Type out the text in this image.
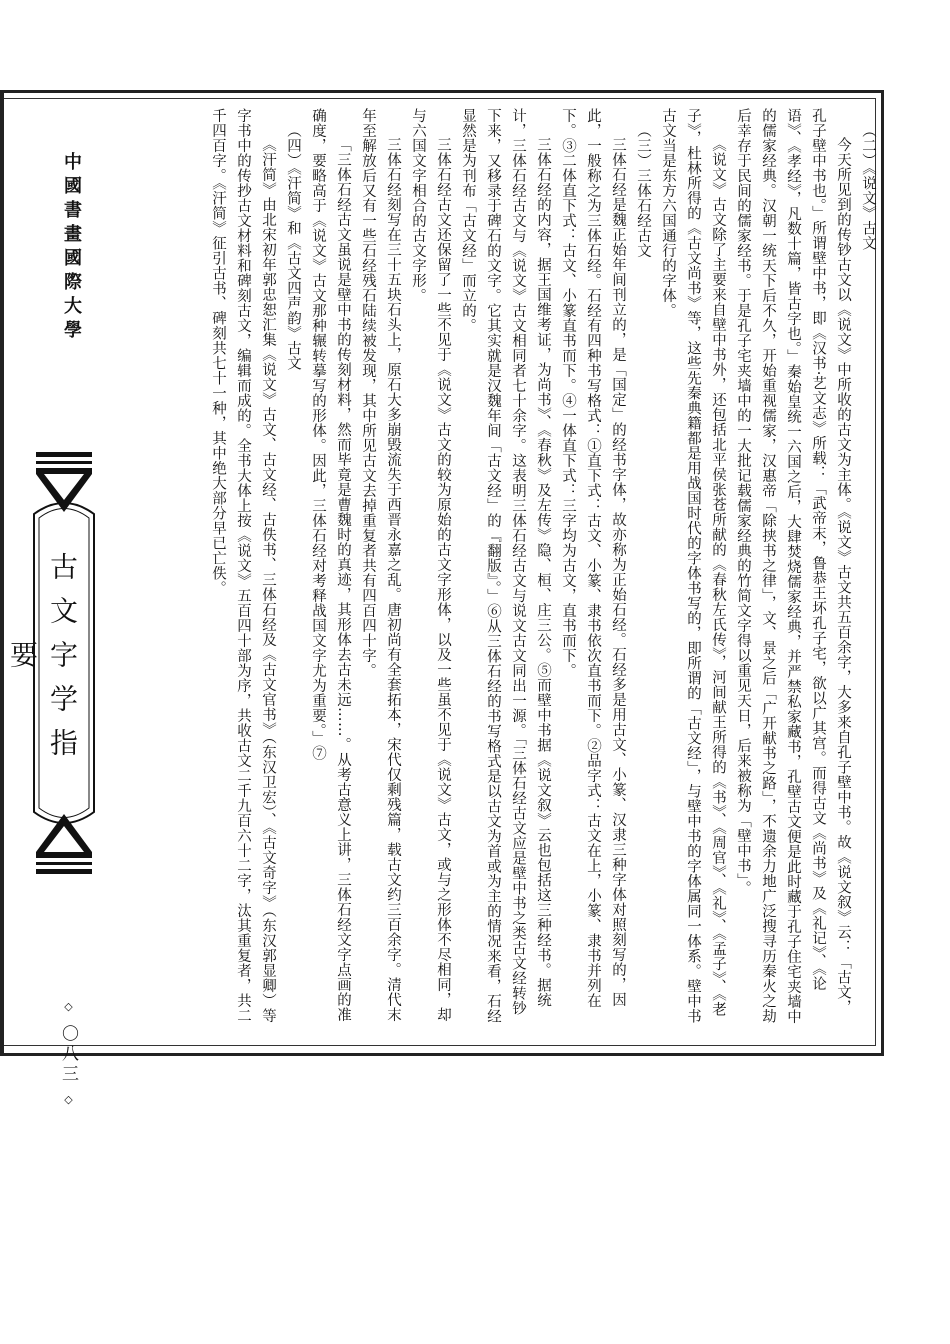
（二）《说文》古文

今天所见到的传钞古文以《说文》中所收的古文为主体。《说文》古文共五百余字，大多来自孔子壁中书。故《说文叙》云：「古文，孔子壁中书也。」所谓壁中书，即《汉书·艺文志》所载：「武帝末，鲁恭王坏孔子宅，欲以广其宫。而得古文《尚书》及《礼记》、《论语》、《孝经》，凡数十篇，皆古字也。」秦始皇统一六国之后，大肆焚烧儒家经典，并严禁私家藏书，孔壁古文便是此时藏于孔子住宅夹墙中的儒家经典。汉朝一统天下后不久，开始重视儒家，汉惠帝「除挟书之律」，文、景之后「广开献书之路」，不遗余力地广泛搜寻历秦火之劫后幸存于民间的儒家经书。于是孔子宅夹墙中的一大批记载儒家经典的竹简文字得以重见天日，后来被称为「壁中书」。

《说文》古文除了主要来自壁中书外，还包括北平侯张苍所献的《春秋左氏传》，河间献王所得的《书》、《周官》、《礼》、《孟子》、《老子》，杜林所得的《古文尚书》等，这些先秦典籍都是用战国时代的字体书写的，即所谓的「古文经」，与壁中书的字体属同一体系。壁中书古文当是东方六国通行的字体。

（三）三体石经古文

三体石经是魏正始年间刊立的，是「国定」的经书字体，故亦称为正始石经。石经多是用古文、小篆、汉隶三种字体对照刻写的，因此，一般称之为三体石经。石经有四种书写格式：①直下式：古文、小篆、隶书依次直书而下。②品字式：古文在上，小篆、隶书并列在下。③二体直下式：古文、小篆直书而下。④一体直下式：三字均为古文，直书而下。

三体石经的内容，据王国维考证，为尚书》、《春秋》及左传》隐、桓、庄三公。⑤而壁中书据《说文叙》云也包括这三种经书。据统计，三体石经古文与《说文》古文相同者七十余字。这表明三体石经古文与说文古文同出一源。「三体石经古文应是壁中书之类古文经转钞下来，又移录于碑石的文字。它其实就是汉魏年间「古文经」的『翻版』。」⑥从三体石经的书写格式是以古文为首或为主的情况来看，石经显然是为刊布「古文经」而立的。

三体石经古文还保留了一些不见于《说文》古文的较为原始的古文字形体，以及一些虽不见于《说文》古文，或与之形体不尽相同，却与六国文字相合的古文字形。

三体石经刻写在三十五块石头上，原石大多崩毁流失于西晋永嘉之乱。唐初尚有全套拓本，宋代仅剩残篇，载古文约三百余字。清代末年至解放后又有一些石经残石陆续被发现，其中所见古文去掉重复者共有四百四十字。

「三体石经古文虽说是壁中书的传刻材料，然而毕竟是曹魏时的真迹，其形体去古未远……。从考古意义上讲，三体石经文字点画的准确度，要略高于《说文》古文那种辗转摹写的形体。因此，三体石经对考释战国文字尤为重要。」⑦

（四）《汗简》和《古文四声韵》古文

《汗简》由北宋初年郭忠恕汇集《说文》古文、古文经、古佚书、三体石经及《古文官书》（东汉卫宏）、《古文奇字》（东汉郭显卿）等字书中的传抄古文材料和碑刻古文，编辑而成的。全书大体上按《说文》五百四十部为序，共收古文二千九百六十二字，汰其重复者，共二千四百字。《汗简》征引古书、碑刻共七十一种，其中绝大部分早已亡佚。

中國書畫國際大學
古文字学指要
◇ 〇八三 ◇
